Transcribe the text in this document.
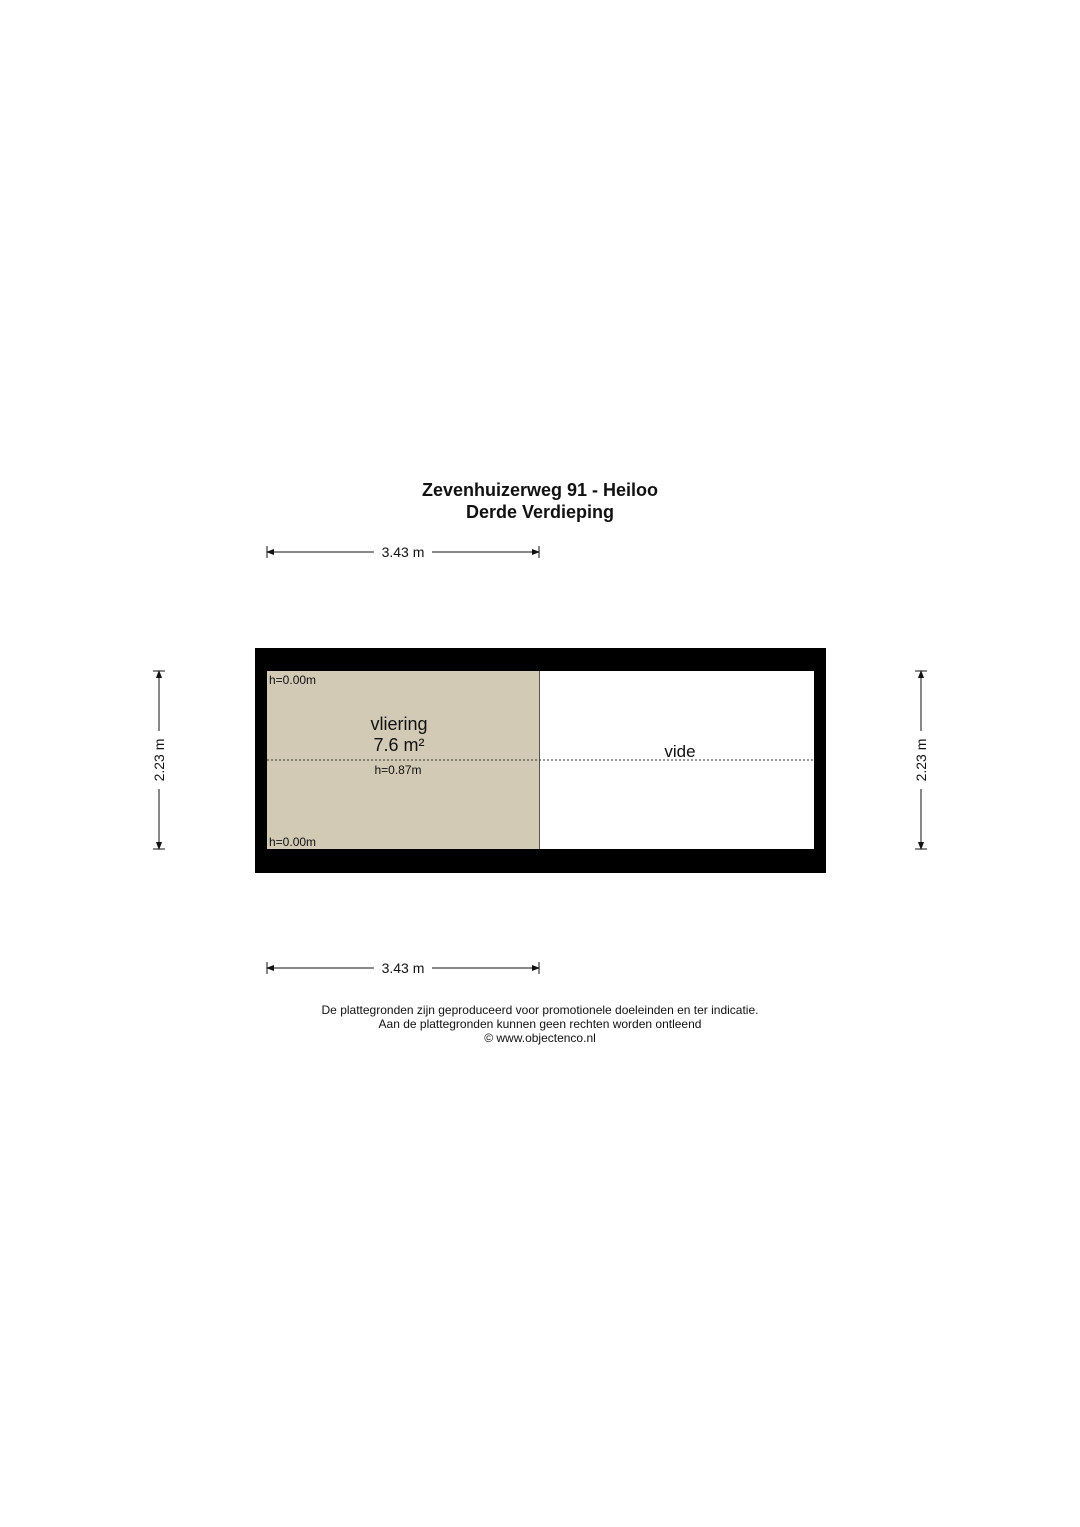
Zevenhuizerweg 91 - Heiloo
Derde Verdieping
3.43 m
h=0.00m
vliering
7.6 m²
h=0.87m
h=0.00m
vide
2.23 m	2.23 m
3.43 m
De plattegronden zijn geproduceerd voor promotionele doeleinden en ter indicatie.
Aan de plattegronden kunnen geen rechten worden ontleend
© www.objectenco.nl
